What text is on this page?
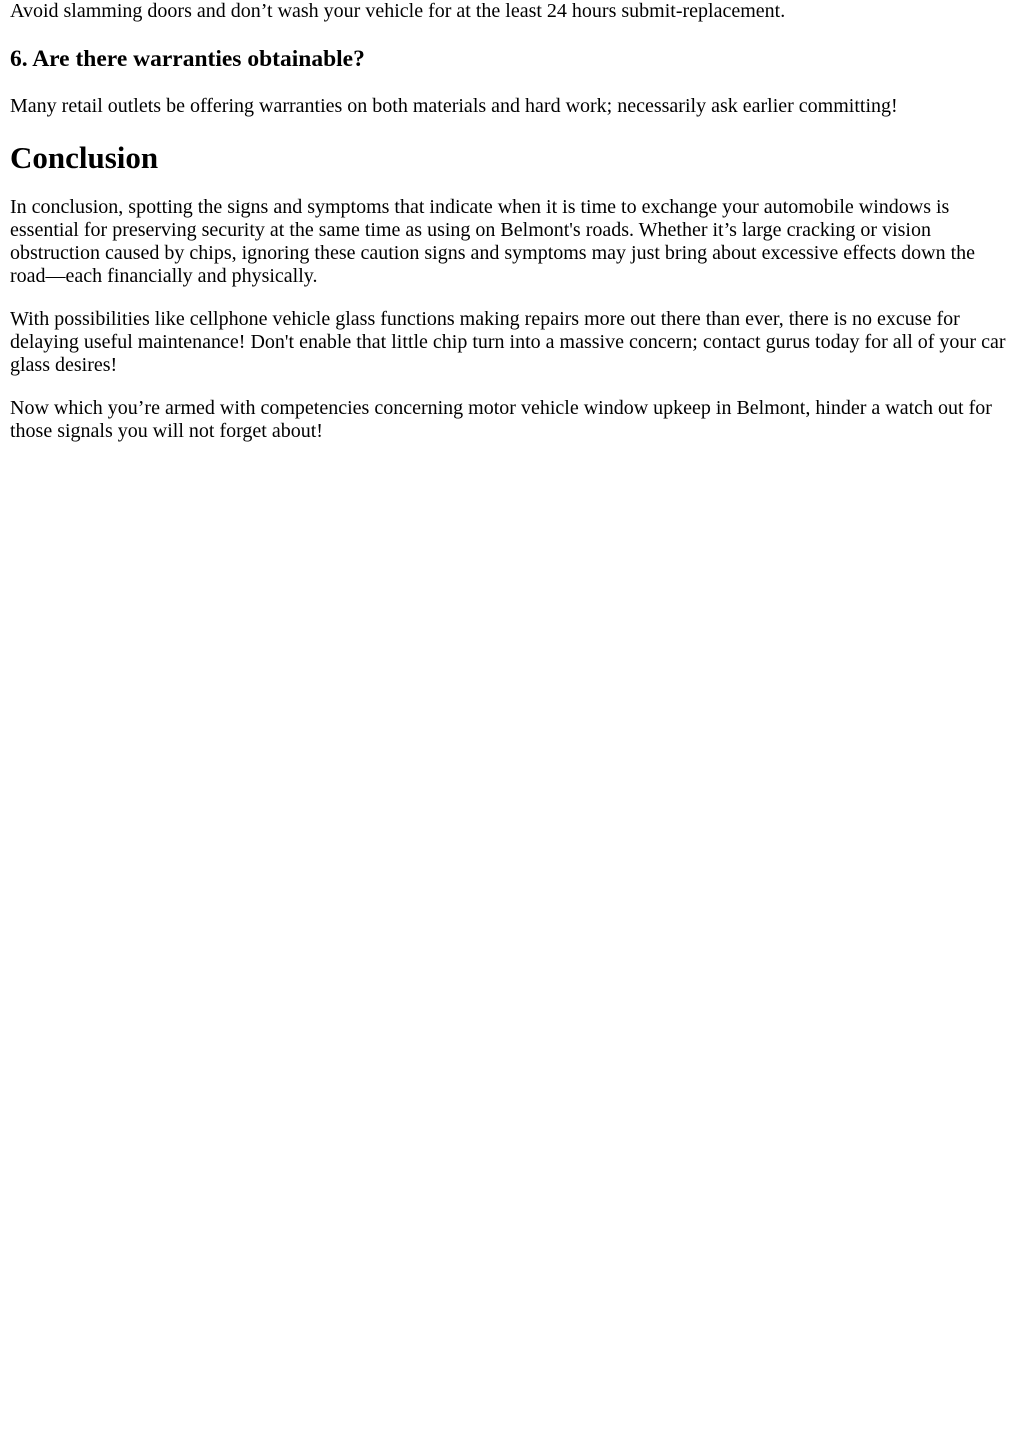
Avoid slamming doors and don’t wash your vehicle for at the least 24 hours submit-replacement.

6. Are there warranties obtainable?

Many retail outlets be offering warranties on both materials and hard work; necessarily ask earlier committing!

Conclusion

In conclusion, spotting the signs and symptoms that indicate when it is time to exchange your automobile windows is essential for preserving security at the same time as using on Belmont's roads. Whether it’s large cracking or vision obstruction caused by chips, ignoring these caution signs and symptoms may just bring about excessive effects down the road—each financially and physically.

With possibilities like cellphone vehicle glass functions making repairs more out there than ever, there is no excuse for delaying useful maintenance! Don't enable that little chip turn into a massive concern; contact gurus today for all of your car glass desires!

Now which you’re armed with competencies concerning motor vehicle window upkeep in Belmont, hinder a watch out for those signals you will not forget about!
